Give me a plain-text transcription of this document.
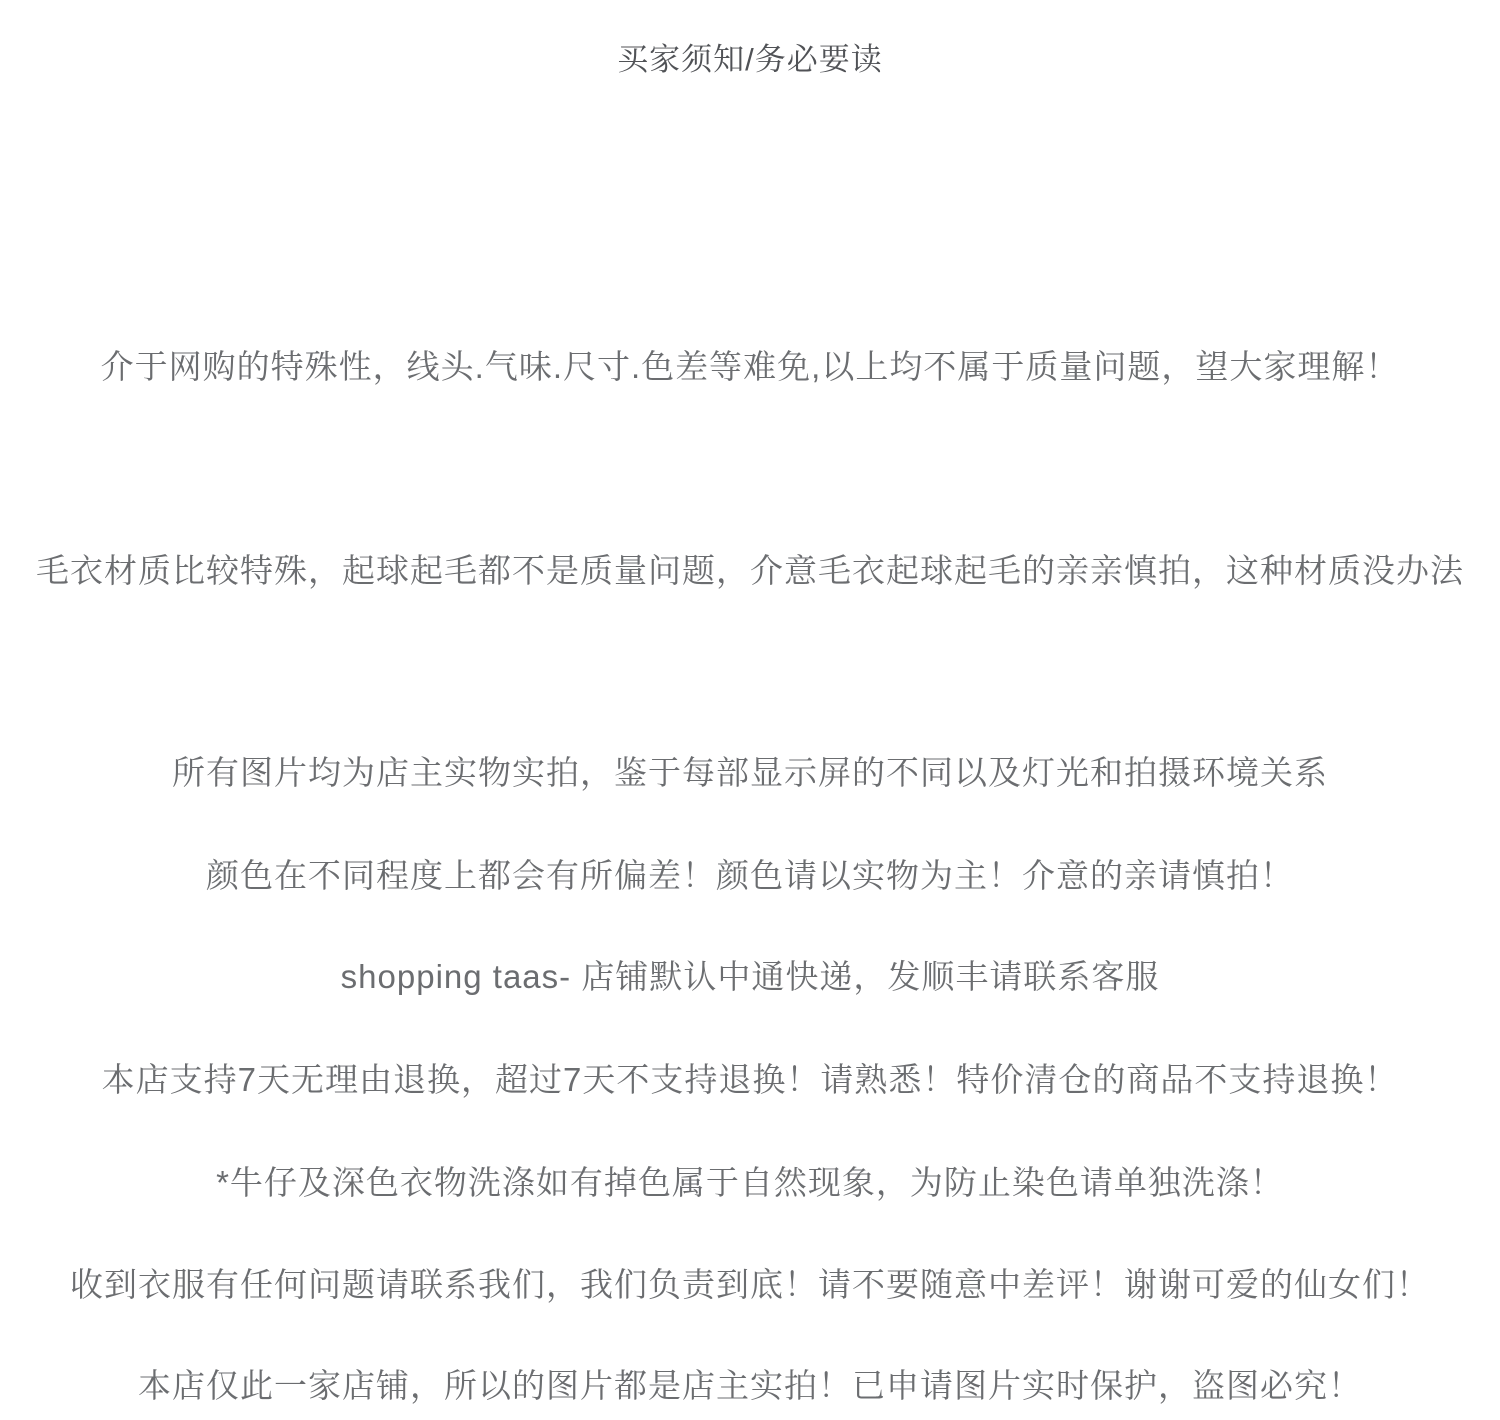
买家须知/务必要读

介于网购的特殊性，线头.气味.尺寸.色差等难免,以上均不属于质量问题，望大家理解！

毛衣材质比较特殊，起球起毛都不是质量问题，介意毛衣起球起毛的亲亲慎拍，这种材质没办法

所有图片均为店主实物实拍，鉴于每部显示屏的不同以及灯光和拍摄环境关系

颜色在不同程度上都会有所偏差！颜色请以实物为主！介意的亲请慎拍！

shopping taas- 店铺默认中通快递，发顺丰请联系客服

本店支持7天无理由退换，超过7天不支持退换！请熟悉！特价清仓的商品不支持退换！

*牛仔及深色衣物洗涤如有掉色属于自然现象，为防止染色请单独洗涤！

收到衣服有任何问题请联系我们，我们负责到底！请不要随意中差评！谢谢可爱的仙女们！

本店仅此一家店铺，所以的图片都是店主实拍！已申请图片实时保护，盗图必究！
